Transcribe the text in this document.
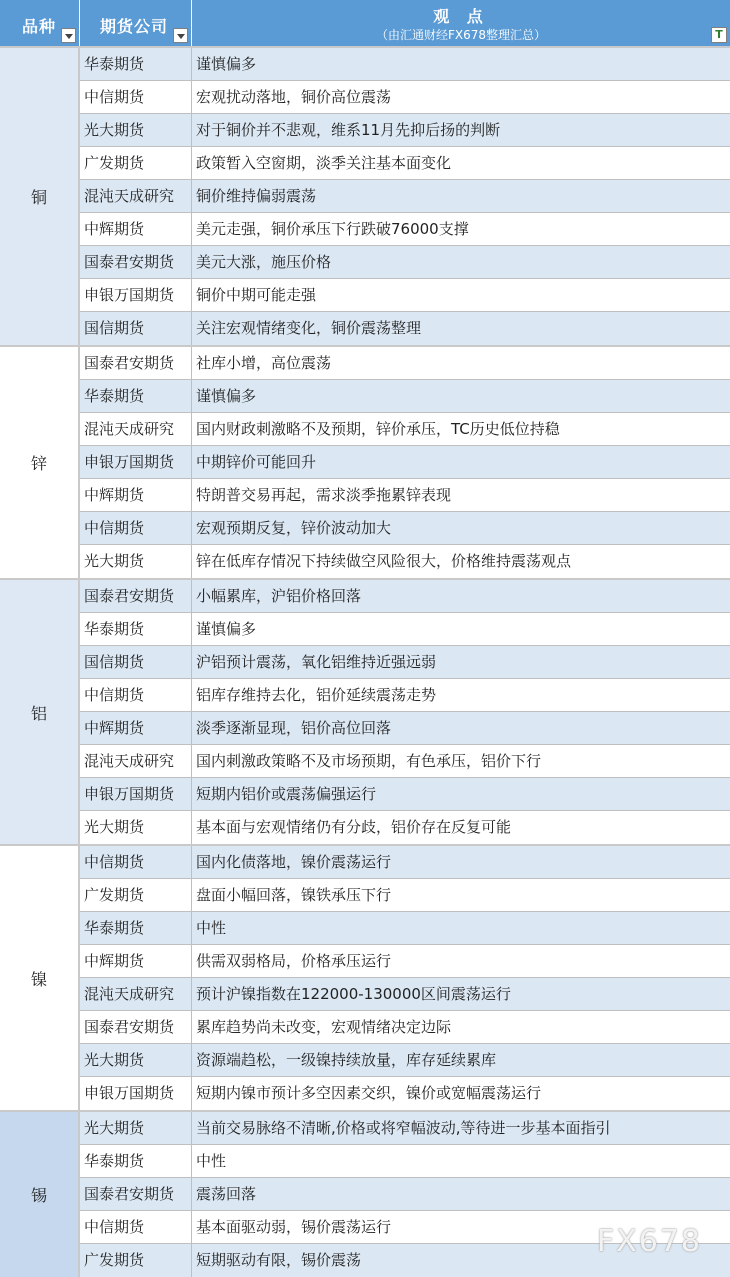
品种	期货公司
观 点
（由汇通财经FX678整理汇总）	T
铜
华泰期货	谨慎偏多
中信期货	宏观扰动落地，铜价高位震荡
光大期货	对于铜价并不悲观，维系11月先抑后扬的判断
广发期货	政策暂入空窗期，淡季关注基本面变化
混沌天成研究	铜价维持偏弱震荡
中辉期货	美元走强，铜价承压下行跌破76000支撑
国泰君安期货	美元大涨，施压价格
申银万国期货	铜价中期可能走强
国信期货	关注宏观情绪变化，铜价震荡整理
锌
国泰君安期货	社库小增，高位震荡
华泰期货	谨慎偏多
混沌天成研究	国内财政刺激略不及预期，锌价承压，TC历史低位持稳
申银万国期货	中期锌价可能回升
中辉期货	特朗普交易再起，需求淡季拖累锌表现
中信期货	宏观预期反复，锌价波动加大
光大期货	锌在低库存情况下持续做空风险很大，价格维持震荡观点
铝
国泰君安期货	小幅累库，沪铝价格回落
华泰期货	谨慎偏多
国信期货	沪铝预计震荡，氧化铝维持近强远弱
中信期货	铝库存维持去化，铝价延续震荡走势
中辉期货	淡季逐渐显现，铝价高位回落
混沌天成研究	国内刺激政策略不及市场预期，有色承压，铝价下行
申银万国期货	短期内铝价或震荡偏强运行
光大期货	基本面与宏观情绪仍有分歧，铝价存在反复可能
镍
中信期货	国内化债落地，镍价震荡运行
广发期货	盘面小幅回落，镍铁承压下行
华泰期货	中性
中辉期货	供需双弱格局，价格承压运行
混沌天成研究	预计沪镍指数在122000-130000区间震荡运行
国泰君安期货	累库趋势尚未改变，宏观情绪决定边际
光大期货	资源端趋松，一级镍持续放量，库存延续累库
申银万国期货	短期内镍市预计多空因素交织，镍价或宽幅震荡运行
锡
光大期货	当前交易脉络不清晰,价格或将窄幅波动,等待进一步基本面指引
华泰期货	中性
国泰君安期货	震荡回落
中信期货	基本面驱动弱，锡价震荡运行
广发期货	短期驱动有限，锡价震荡
FX678
